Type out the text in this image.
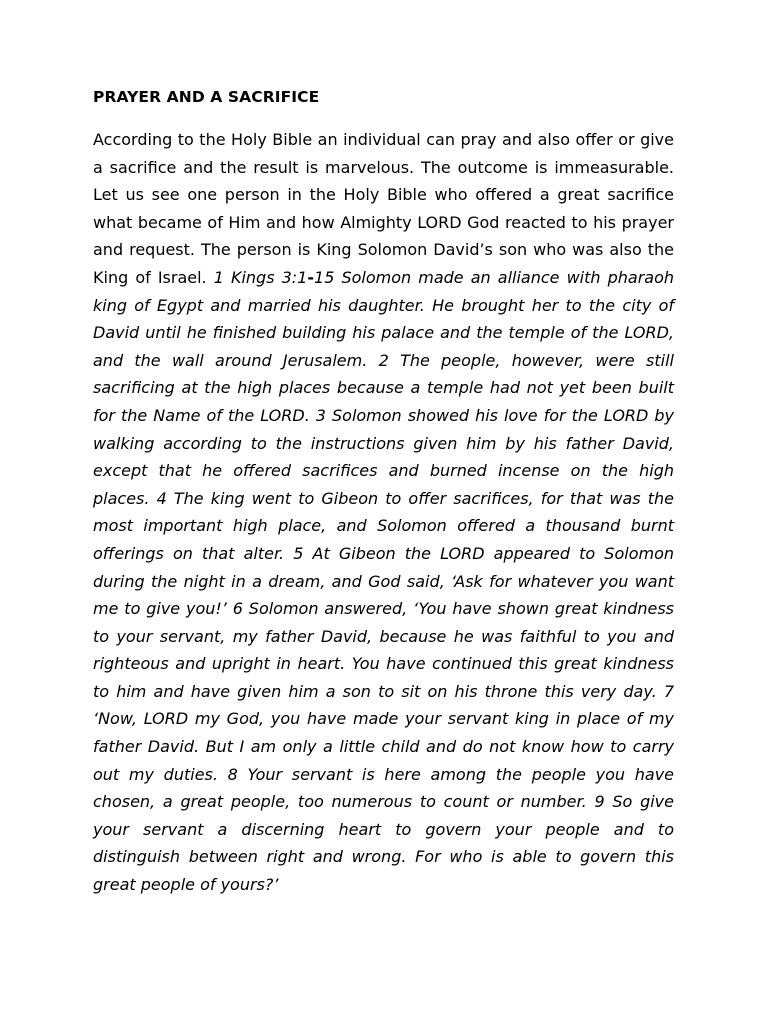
PRAYER AND A SACRIFICE

According to the Holy Bible an individual can pray and also offer or give a sacrifice and the result is marvelous. The outcome is immeasurable. Let us see one person in the Holy Bible who offered a great sacrifice what became of Him and how Almighty LORD God reacted to his prayer and request. The person is King Solomon David’s son who was also the King of Israel. 1 Kings 3:1-15 Solomon made an alliance with pharaoh king of Egypt and married his daughter. He brought her to the city of David until he finished building his palace and the temple of the LORD, and the wall around Jerusalem. 2 The people, however, were still sacrificing at the high places because a temple had not yet been built for the Name of the LORD. 3 Solomon showed his love for the LORD by walking according to the instructions given him by his father David, except that he offered sacrifices and burned incense on the high places. 4 The king went to Gibeon to offer sacrifices, for that was the most important high place, and Solomon offered a thousand burnt offerings on that alter. 5 At Gibeon the LORD appeared to Solomon during the night in a dream, and God said, ‘Ask for whatever you want me to give you!’ 6 Solomon answered, ‘You have shown great kindness to your servant, my father David, because he was faithful to you and righteous and upright in heart. You have continued this great kindness to him and have given him a son to sit on his throne this very day. 7 ‘Now, LORD my God, you have made your servant king in place of my father David. But I am only a little child and do not know how to carry out my duties. 8 Your servant is here among the people you have chosen, a great people, too numerous to count or number. 9 So give your servant a discerning heart to govern your people and to distinguish between right and wrong. For who is able to govern this great people of yours?’
